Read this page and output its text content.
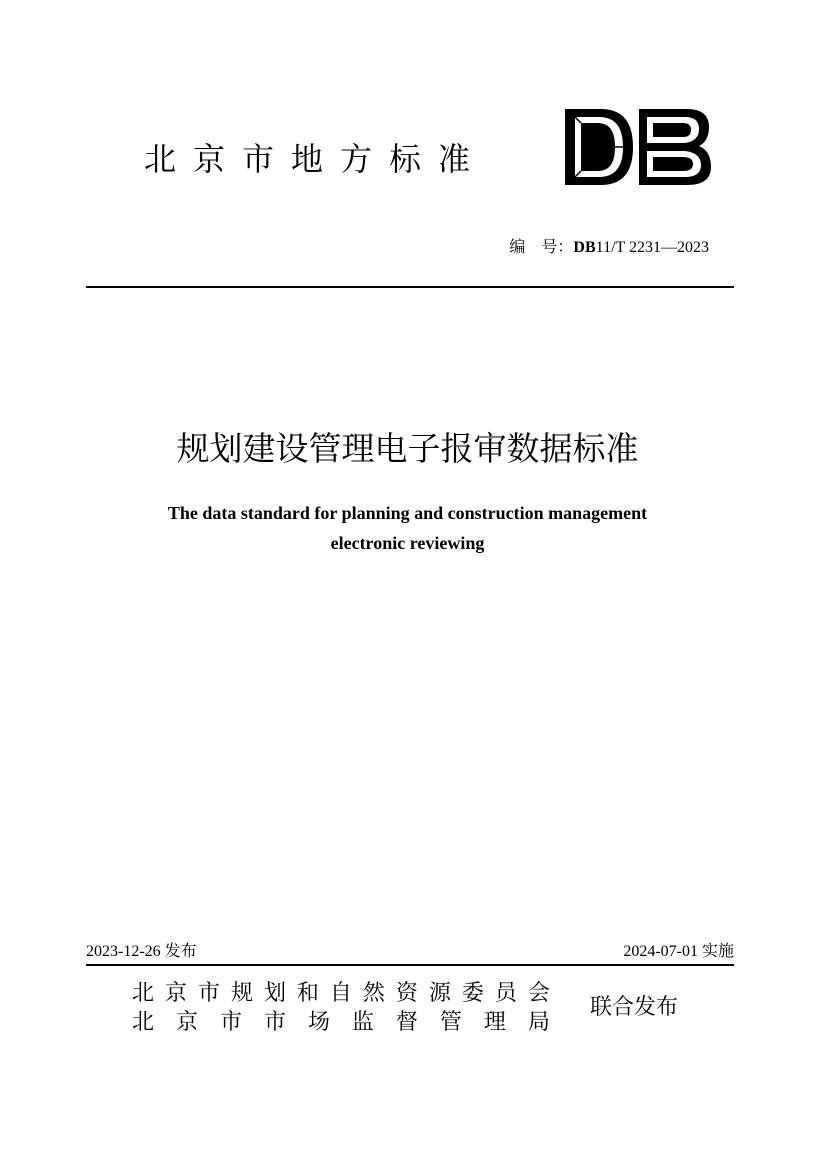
北京市地方标准
编　号：DB11/T 2231—2023
规划建设管理电子报审数据标准
The data standard for planning and construction management
electronic reviewing
2023-12-26 发布	2024-07-01 实施
北 京 市 规 划 和 自 然 资 源 委 员 会
北 京 市 市 场 监 督 管 理 局
联合发布
